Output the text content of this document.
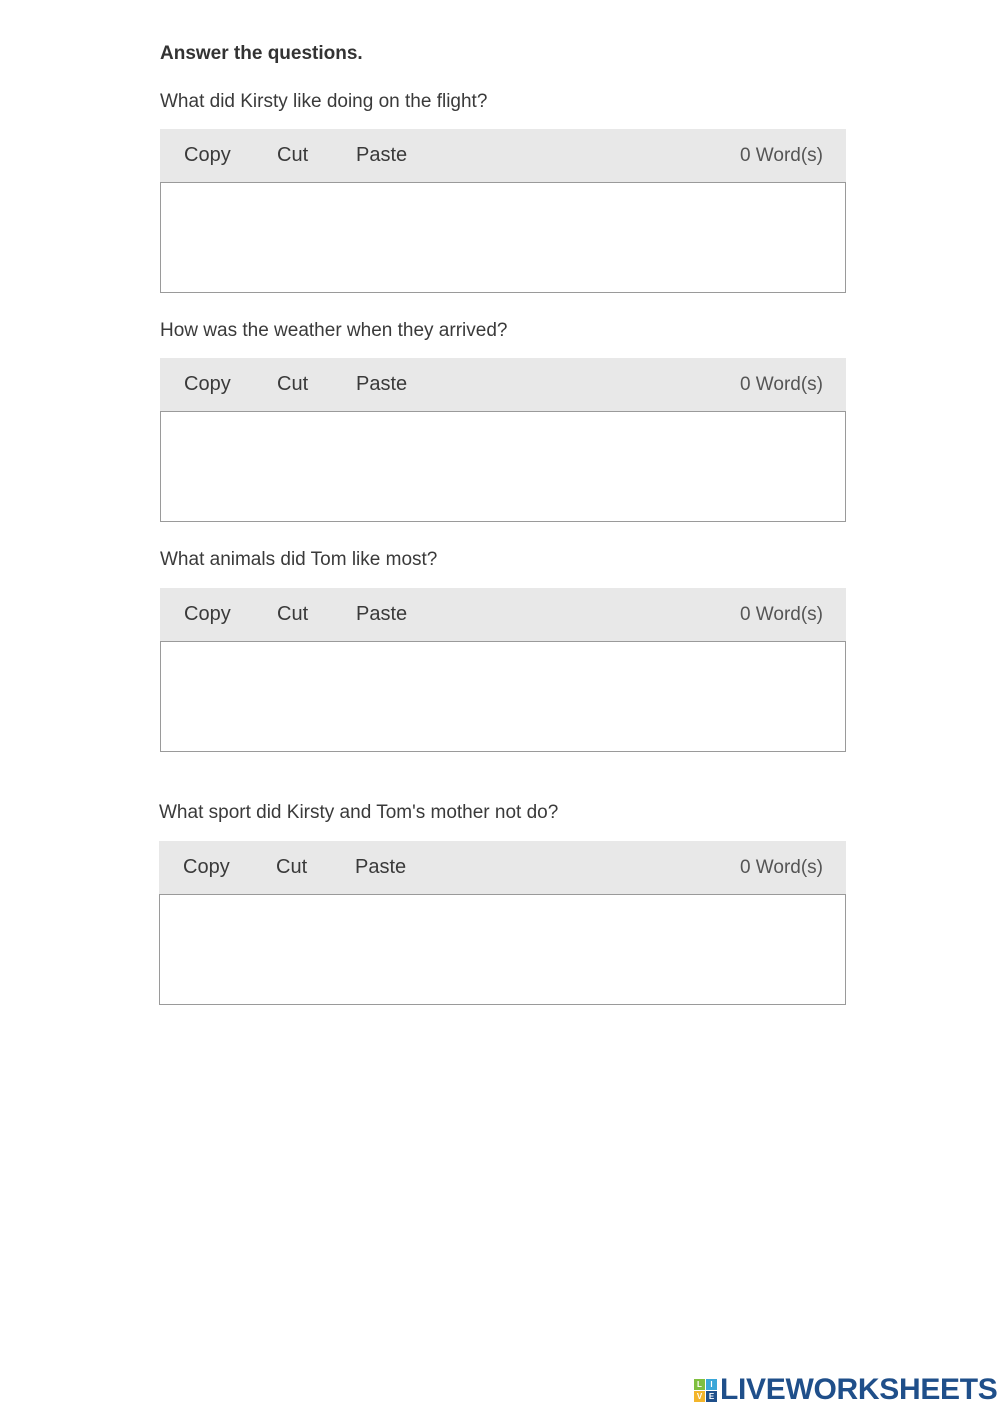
Answer the questions.
What did Kirsty like doing on the flight?
Copy Cut Paste	0 Word(s)
How was the weather when they arrived?
Copy Cut Paste	0 Word(s)
What animals did Tom like most?
Copy Cut Paste	0 Word(s)
What sport did Kirsty and Tom's mother not do?
Copy Cut Paste	0 Word(s)
L	I
V E LIVEWORKSHEETS
